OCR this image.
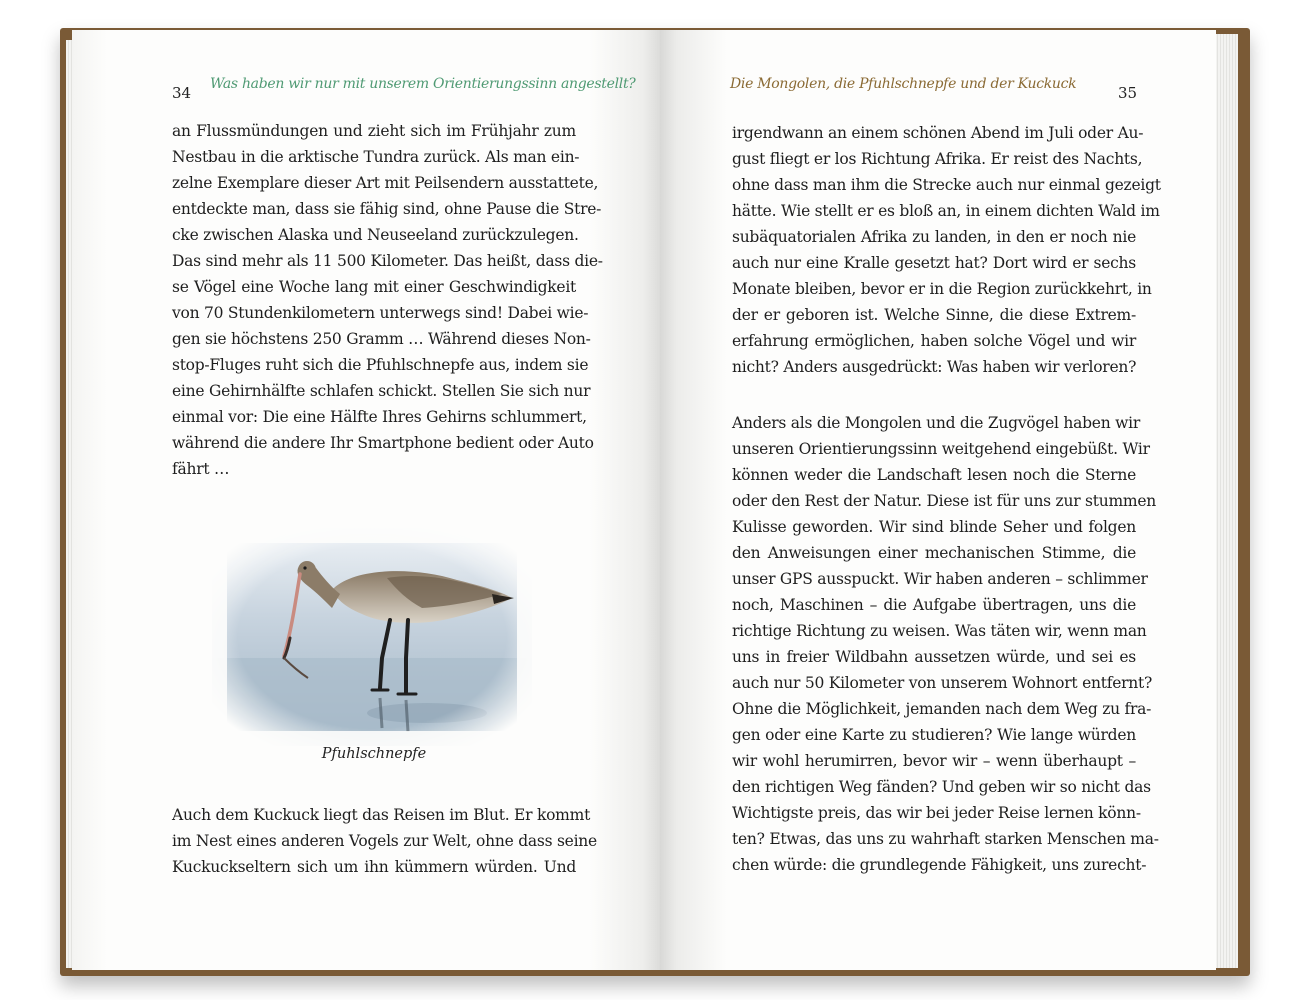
34 Was haben wir nur mit unserem Orientierungssinn angestellt?
an Flussmündungen und zieht sich im Frühjahr zum
Nestbau in die arktische Tundra zurück. Als man ein-
zelne Exemplare dieser Art mit Peilsendern ausstattete,
entdeckte man, dass sie fähig sind, ohne Pause die Stre-
cke zwischen Alaska und Neuseeland zurückzulegen.
Das sind mehr als 11 500 Kilometer. Das heißt, dass die-
se Vögel eine Woche lang mit einer Geschwindigkeit
von 70 Stundenkilometern unterwegs sind! Dabei wie-
gen sie höchstens 250 Gramm … Während dieses Non-
stop-Fluges ruht sich die Pfuhlschnepfe aus, indem sie
eine Gehirnhälfte schlafen schickt. Stellen Sie sich nur
einmal vor: Die eine Hälfte Ihres Gehirns schlummert,
während die andere Ihr Smartphone bedient oder Auto
fährt …
Pfuhlschnepfe
Auch dem Kuckuck liegt das Reisen im Blut. Er kommt
im Nest eines anderen Vogels zur Welt, ohne dass seine
Kuckuckseltern sich um ihn kümmern würden. Und
Die Mongolen, die Pfuhlschnepfe und der Kuckuck	35
irgendwann an einem schönen Abend im Juli oder Au-
gust fliegt er los Richtung Afrika. Er reist des Nachts,
ohne dass man ihm die Strecke auch nur einmal gezeigt
hätte. Wie stellt er es bloß an, in einem dichten Wald im
subäquatorialen Afrika zu landen, in den er noch nie
auch nur eine Kralle gesetzt hat? Dort wird er sechs
Monate bleiben, bevor er in die Region zurückkehrt, in
der er geboren ist. Welche Sinne, die diese Extrem-
erfahrung ermöglichen, haben solche Vögel und wir
nicht? Anders ausgedrückt: Was haben wir verloren?
Anders als die Mongolen und die Zugvögel haben wir
unseren Orientierungssinn weitgehend eingebüßt. Wir
können weder die Landschaft lesen noch die Sterne
oder den Rest der Natur. Diese ist für uns zur stummen
Kulisse geworden. Wir sind blinde Seher und folgen
den Anweisungen einer mechanischen Stimme, die
unser GPS ausspuckt. Wir haben anderen – schlimmer
noch, Maschinen – die Aufgabe übertragen, uns die
richtige Richtung zu weisen. Was täten wir, wenn man
uns in freier Wildbahn aussetzen würde, und sei es
auch nur 50 Kilometer von unserem Wohnort entfernt?
Ohne die Möglichkeit, jemanden nach dem Weg zu fra-
gen oder eine Karte zu studieren? Wie lange würden
wir wohl herumirren, bevor wir – wenn überhaupt –
den richtigen Weg fänden? Und geben wir so nicht das
Wichtigste preis, das wir bei jeder Reise lernen könn-
ten? Etwas, das uns zu wahrhaft starken Menschen ma-
chen würde: die grundlegende Fähigkeit, uns zurecht-
